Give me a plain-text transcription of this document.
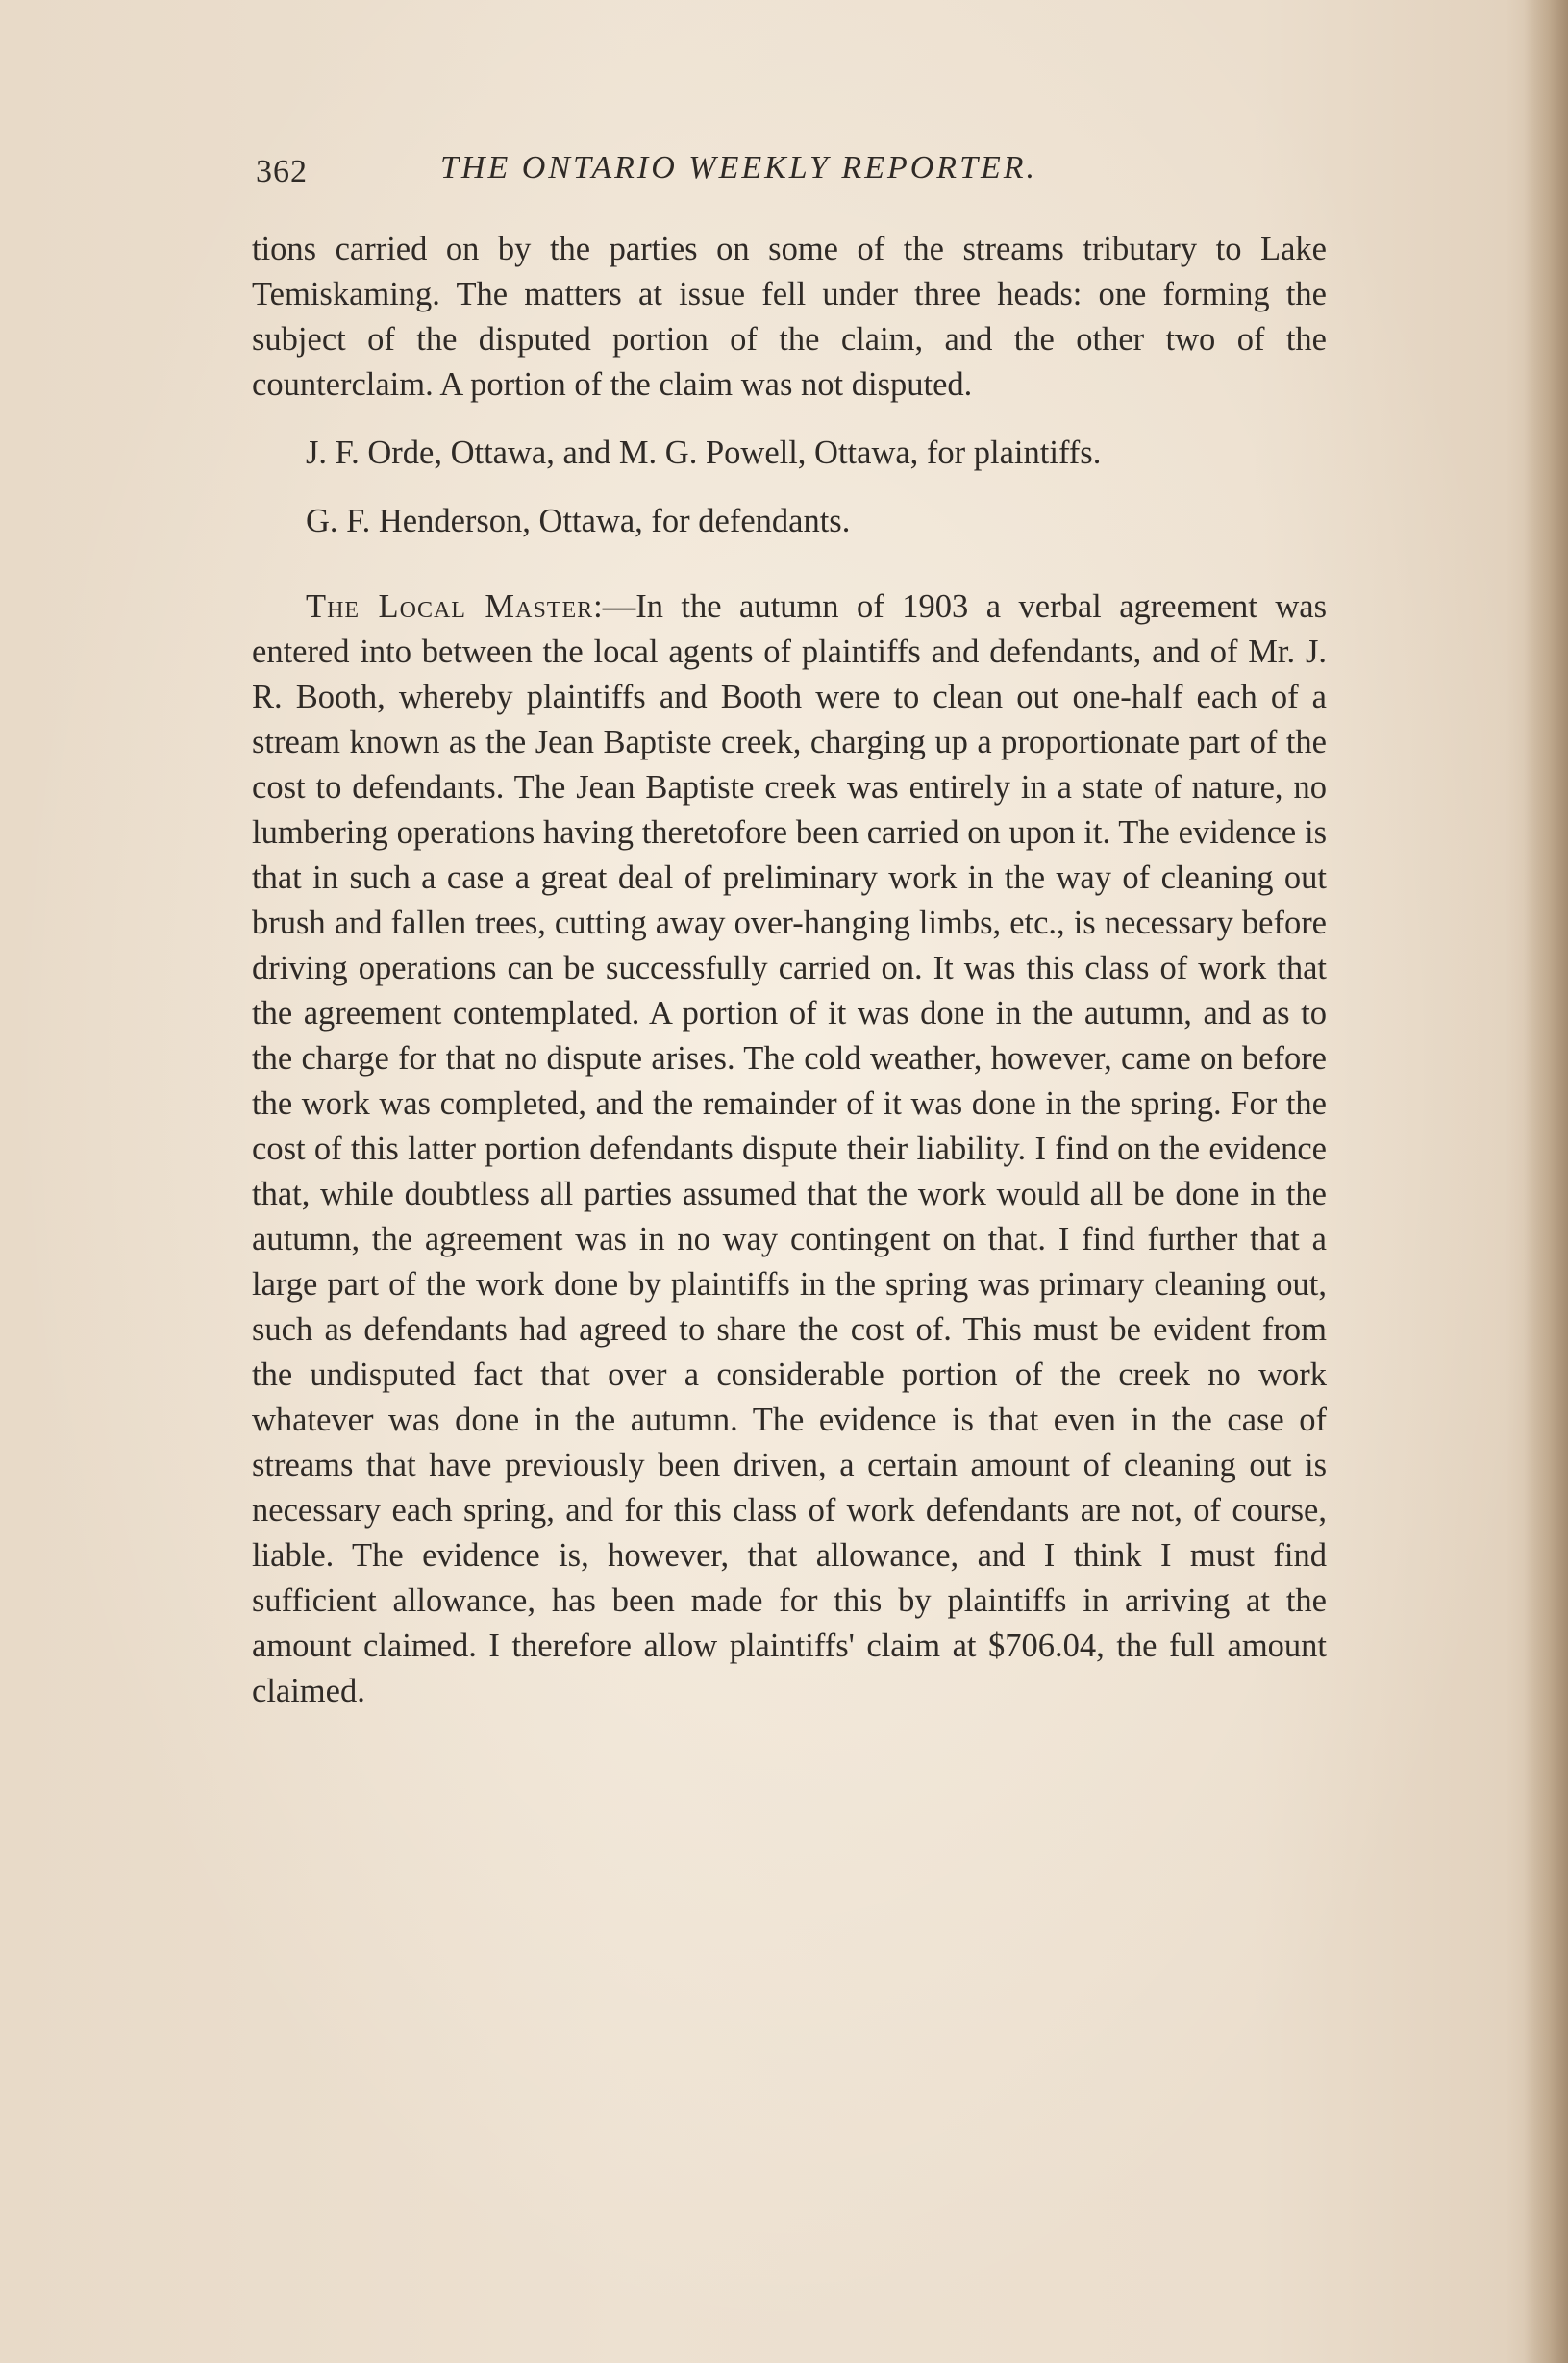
362	THE ONTARIO WEEKLY REPORTER.

tions carried on by the parties on some of the streams tributary to Lake Temiskaming. The matters at issue fell under three heads: one forming the subject of the disputed portion of the claim, and the other two of the counterclaim. A portion of the claim was not disputed.

J. F. Orde, Ottawa, and M. G. Powell, Ottawa, for plaintiffs.

G. F. Henderson, Ottawa, for defendants.

The Local Master:—In the autumn of 1903 a verbal agreement was entered into between the local agents of plaintiffs and defendants, and of Mr. J. R. Booth, whereby plaintiffs and Booth were to clean out one-half each of a stream known as the Jean Baptiste creek, charging up a proportionate part of the cost to defendants. The Jean Baptiste creek was entirely in a state of nature, no lumbering operations having theretofore been carried on upon it. The evidence is that in such a case a great deal of preliminary work in the way of cleaning out brush and fallen trees, cutting away over-hanging limbs, etc., is necessary before driving operations can be successfully carried on. It was this class of work that the agreement contemplated. A portion of it was done in the autumn, and as to the charge for that no dispute arises. The cold weather, however, came on before the work was completed, and the remainder of it was done in the spring. For the cost of this latter portion defendants dispute their liability. I find on the evidence that, while doubtless all parties assumed that the work would all be done in the autumn, the agreement was in no way contingent on that. I find further that a large part of the work done by plaintiffs in the spring was primary cleaning out, such as defendants had agreed to share the cost of. This must be evident from the undisputed fact that over a considerable portion of the creek no work whatever was done in the autumn. The evidence is that even in the case of streams that have previously been driven, a certain amount of cleaning out is necessary each spring, and for this class of work defendants are not, of course, liable. The evidence is, however, that allowance, and I think I must find sufficient allowance, has been made for this by plaintiffs in arriving at the amount claimed. I therefore allow plaintiffs' claim at $706.04, the full amount claimed.
